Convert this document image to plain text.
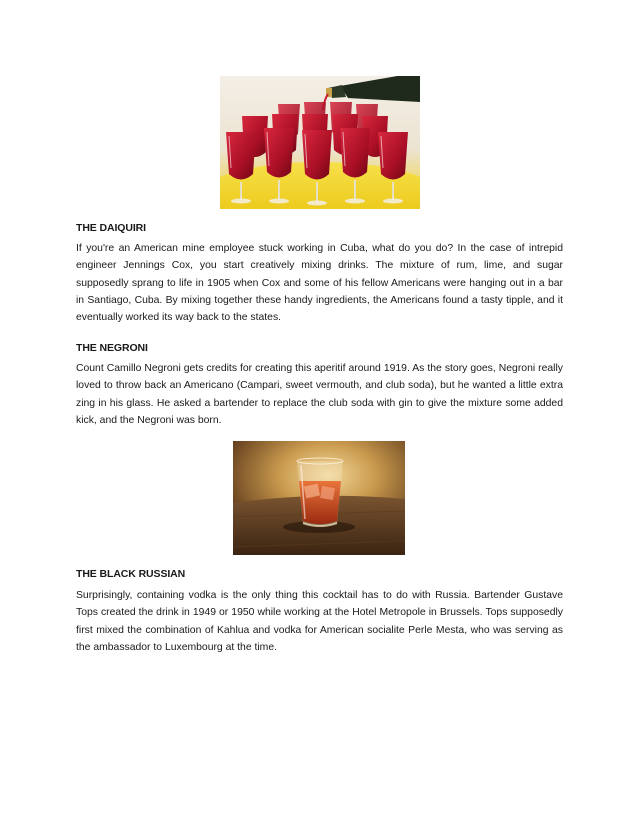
THE DAIQUIRI

If you're an American mine employee stuck working in Cuba, what do you do? In the case of intrepid engineer Jennings Cox, you start creatively mixing drinks. The mixture of rum, lime, and sugar supposedly sprang to life in 1905 when Cox and some of his fellow Americans were hanging out in a bar in Santiago, Cuba. By mixing together these handy ingredients, the Americans found a tasty tipple, and it eventually worked its way back to the states.

THE NEGRONI

Count Camillo Negroni gets credits for creating this aperitif around 1919. As the story goes, Negroni really loved to throw back an Americano (Campari, sweet vermouth, and club soda), but he wanted a little extra zing in his glass. He asked a bartender to replace the club soda with gin to give the mixture some added kick, and the Negroni was born.

THE BLACK RUSSIAN

Surprisingly, containing vodka is the only thing this cocktail has to do with Russia. Bartender Gustave Tops created the drink in 1949 or 1950 while working at the Hotel Metropole in Brussels. Tops supposedly first mixed the combination of Kahlua and vodka for American socialite Perle Mesta, who was serving as the ambassador to Luxembourg at the time.
